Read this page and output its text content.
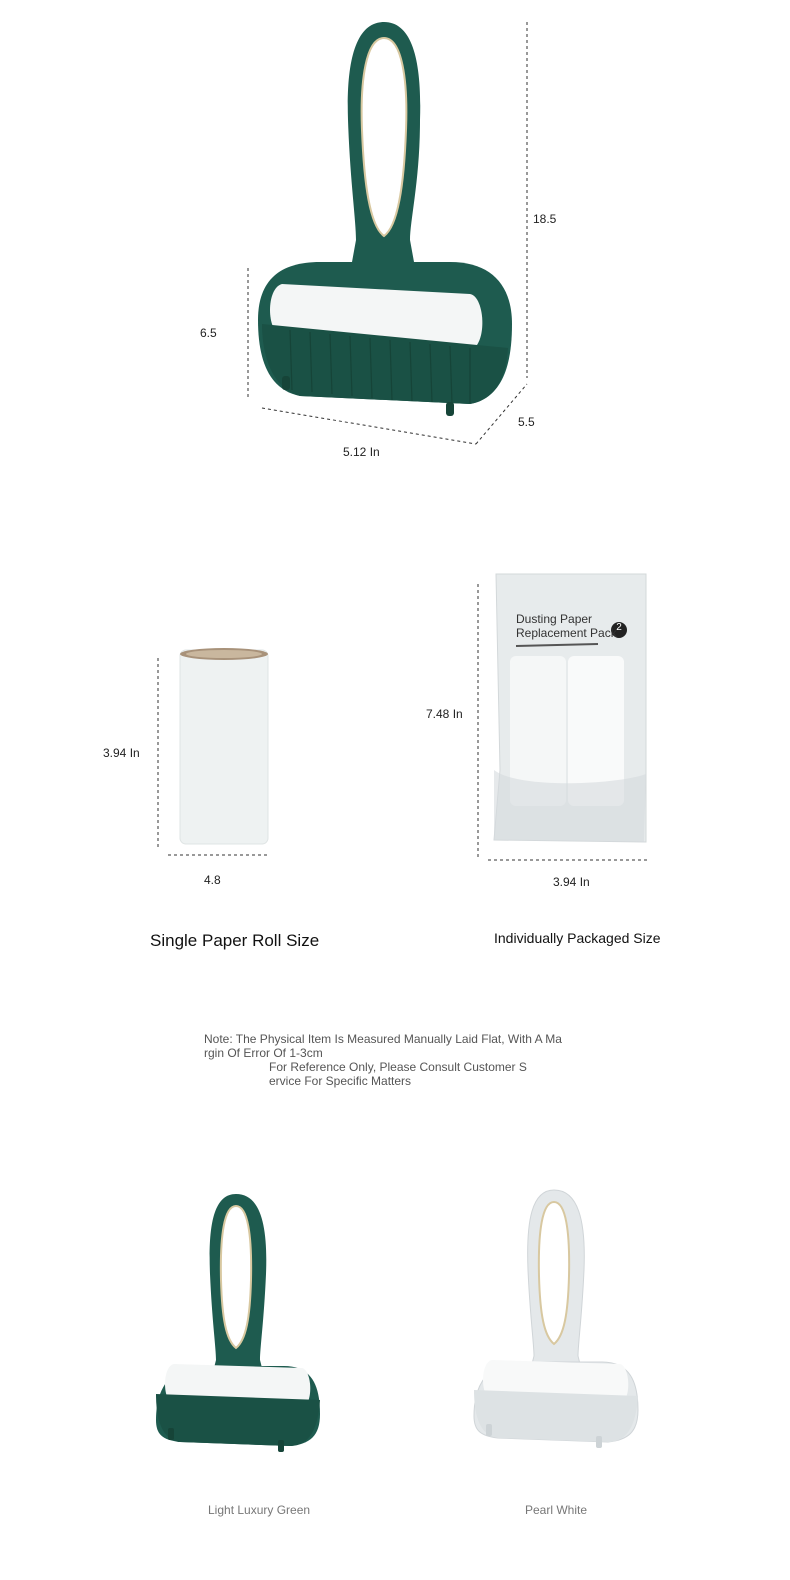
18.5
6.5
5.12 In
5.5
3.94 In
4.8
Dusting Paper Replacement Pack 2
7.48 In
3.94 In
Single Paper Roll Size	Individually Packaged Size
Note: The Physical Item Is Measured Manually Laid Flat, With A Ma
rgin Of Error Of 1-3cm
For Reference Only, Please Consult Customer S
ervice For Specific Matters
Light Luxury Green	Pearl White
